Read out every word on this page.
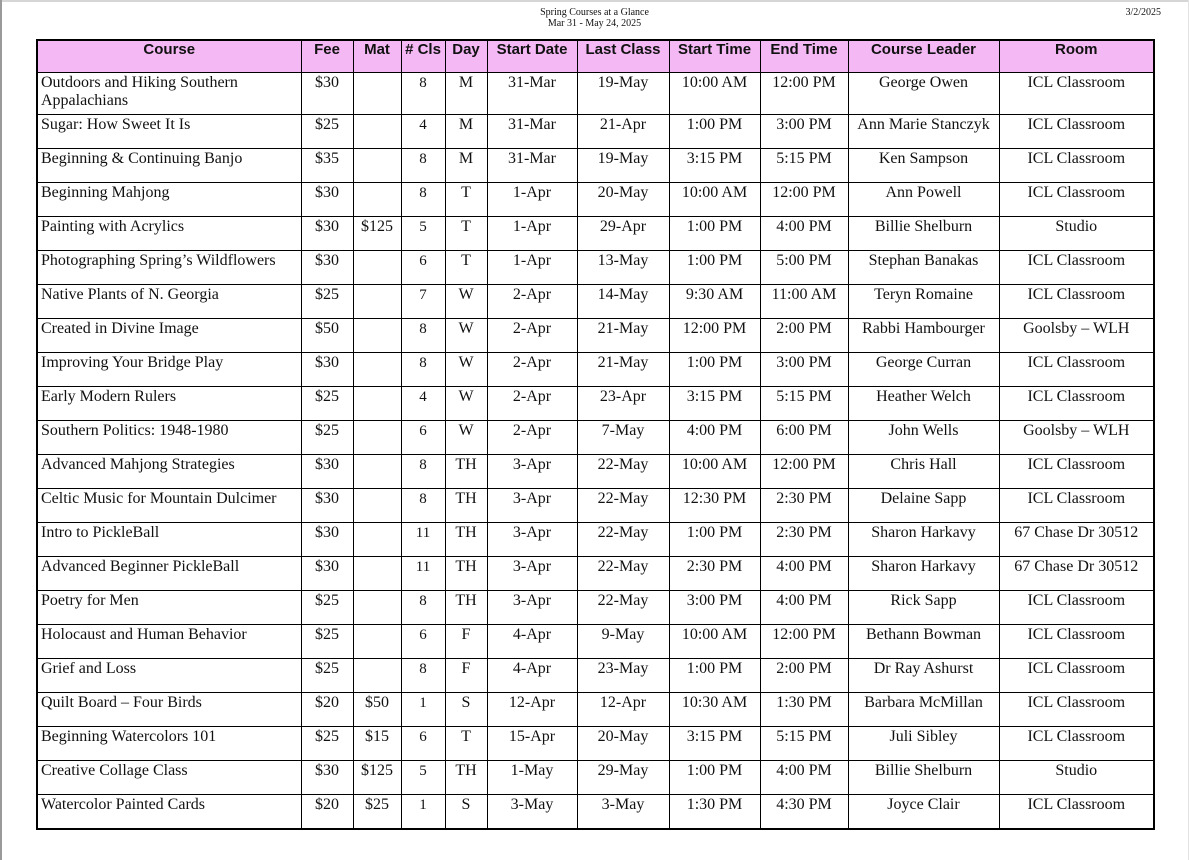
Spring Courses at a Glance
Mar 31 - May 24, 2025
3/2/2025
Course	Fee	Mat	# Cls	Day	Start Date	Last Class	Start Time	End Time	Course Leader	Room
Outdoors and Hiking Southern Appalachians	$30		8	M	31-Mar	19-May	10:00 AM	12:00 PM	George Owen	ICL Classroom
Sugar: How Sweet It Is	$25		4	M	31-Mar	21-Apr	1:00 PM	3:00 PM	Ann Marie Stanczyk	ICL Classroom
Beginning & Continuing Banjo	$35		8	M	31-Mar	19-May	3:15 PM	5:15 PM	Ken Sampson	ICL Classroom
Beginning Mahjong	$30		8	T	1-Apr	20-May	10:00 AM	12:00 PM	Ann Powell	ICL Classroom
Painting with Acrylics	$30	$125	5	T	1-Apr	29-Apr	1:00 PM	4:00 PM	Billie Shelburn	Studio
Photographing Spring’s Wildflowers	$30		6	T	1-Apr	13-May	1:00 PM	5:00 PM	Stephan Banakas	ICL Classroom
Native Plants of N. Georgia	$25		7	W	2-Apr	14-May	9:30 AM	11:00 AM	Teryn Romaine	ICL Classroom
Created in Divine Image	$50		8	W	2-Apr	21-May	12:00 PM	2:00 PM	Rabbi Hambourger	Goolsby – WLH
Improving Your Bridge Play	$30		8	W	2-Apr	21-May	1:00 PM	3:00 PM	George Curran	ICL Classroom
Early Modern Rulers	$25		4	W	2-Apr	23-Apr	3:15 PM	5:15 PM	Heather Welch	ICL Classroom
Southern Politics: 1948-1980	$25		6	W	2-Apr	7-May	4:00 PM	6:00 PM	John Wells	Goolsby – WLH
Advanced Mahjong Strategies	$30		8	TH	3-Apr	22-May	10:00 AM	12:00 PM	Chris Hall	ICL Classroom
Celtic Music for Mountain Dulcimer	$30		8	TH	3-Apr	22-May	12:30 PM	2:30 PM	Delaine Sapp	ICL Classroom
Intro to PickleBall	$30		11	TH	3-Apr	22-May	1:00 PM	2:30 PM	Sharon Harkavy	67 Chase Dr 30512
Advanced Beginner PickleBall	$30		11	TH	3-Apr	22-May	2:30 PM	4:00 PM	Sharon Harkavy	67 Chase Dr 30512
Poetry for Men	$25		8	TH	3-Apr	22-May	3:00 PM	4:00 PM	Rick Sapp	ICL Classroom
Holocaust and Human Behavior	$25		6	F	4-Apr	9-May	10:00 AM	12:00 PM	Bethann Bowman	ICL Classroom
Grief and Loss	$25		8	F	4-Apr	23-May	1:00 PM	2:00 PM	Dr Ray Ashurst	ICL Classroom
Quilt Board – Four Birds	$20	$50	1	S	12-Apr	12-Apr	10:30 AM	1:30 PM	Barbara McMillan	ICL Classroom
Beginning Watercolors 101	$25	$15	6	T	15-Apr	20-May	3:15 PM	5:15 PM	Juli Sibley	ICL Classroom
Creative Collage Class	$30	$125	5	TH	1-May	29-May	1:00 PM	4:00 PM	Billie Shelburn	Studio
Watercolor Painted Cards	$20	$25	1	S	3-May	3-May	1:30 PM	4:30 PM	Joyce Clair	ICL Classroom
